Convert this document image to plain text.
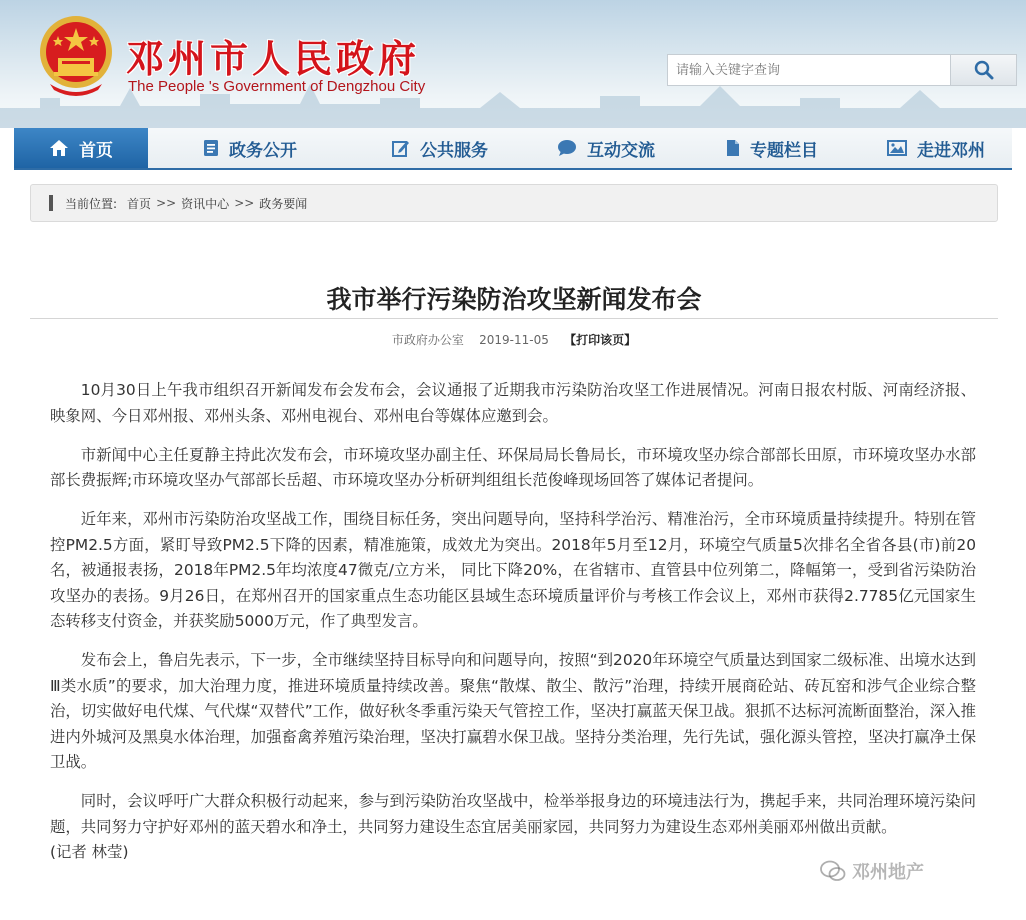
邓州市人民政府
The People 's Government of Dengzhou City
请输入关键字查询
首页	政务公开	公共服务	互动交流	专题栏目	走进邓州
当前位置: 首页 >> 资讯中心 >> 政务要闻
我市举行污染防治攻坚新闻发布会
市政府办公室 2019-11-05 【打印该页】

10月30日上午我市组织召开新闻发布会发布会，会议通报了近期我市污染防治攻坚工作进展情况。河南日报农村版、河南经济报、映象网、今日邓州报、邓州头条、邓州电视台、邓州电台等媒体应邀到会。

市新闻中心主任夏静主持此次发布会，市环境攻坚办副主任、环保局局长鲁局长，市环境攻坚办综合部部长田原，市环境攻坚办水部部长费振辉;市环境攻坚办气部部长岳超、市环境攻坚办分析研判组组长范俊峰现场回答了媒体记者提问。

近年来，邓州市污染防治攻坚战工作，围绕目标任务，突出问题导向，坚持科学治污、精准治污，全市环境质量持续提升。特别在管控PM2.5方面，紧盯导致PM2.5下降的因素，精准施策，成效尤为突出。2018年5月至12月，环境空气质量5次排名全省各县(市)前20名，被通报表扬，2018年PM2.5年均浓度47微克/立方米， 同比下降20%，在省辖市、直管县中位列第二，降幅第一，受到省污染防治攻坚办的表扬。9月26日，在郑州召开的国家重点生态功能区县域生态环境质量评价与考核工作会议上，邓州市获得2.7785亿元国家生态转移支付资金，并获奖励5000万元，作了典型发言。

发布会上，鲁启先表示，下一步，全市继续坚持目标导向和问题导向，按照“到2020年环境空气质量达到国家二级标准、出境水达到Ⅲ类水质”的要求，加大治理力度，推进环境质量持续改善。聚焦“散煤、散尘、散污”治理，持续开展商砼站、砖瓦窑和涉气企业综合整治，切实做好电代煤、气代煤“双替代”工作，做好秋冬季重污染天气管控工作，坚决打赢蓝天保卫战。狠抓不达标河流断面整治，深入推进内外城河及黑臭水体治理，加强畜禽养殖污染治理，坚决打赢碧水保卫战。坚持分类治理，先行先试，强化源头管控，坚决打赢净土保卫战。

同时，会议呼吁广大群众积极行动起来，参与到污染防治攻坚战中，检举举报身边的环境违法行为，携起手来，共同治理环境污染问题，共同努力守护好邓州的蓝天碧水和净土，共同努力建设生态宜居美丽家园，共同努力为建设生态邓州美丽邓州做出贡献。

(记者 林莹)

邓州地产
